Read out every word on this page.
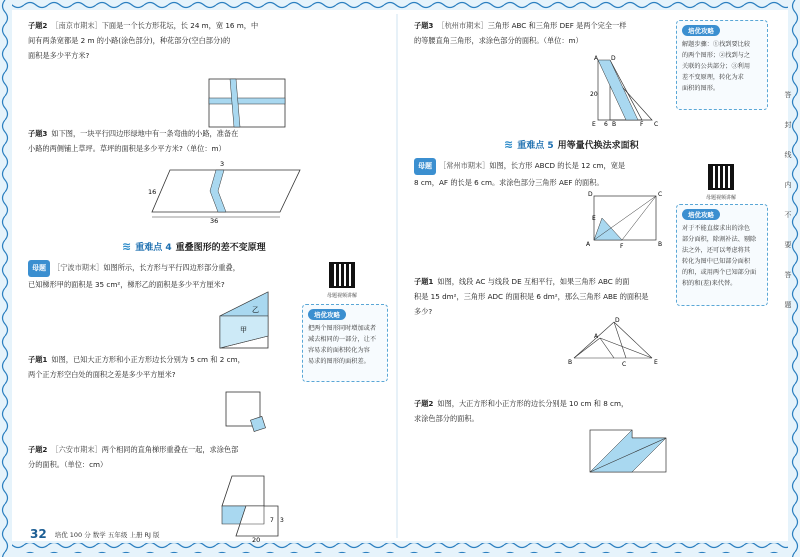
子题2 ［南京市期末］下面是一个长方形花坛，长 24 m，宽 16 m，中
间有两条宽都是 2 m 的小路(涂色部分)，种花部分(空白部分)的
面积是多少平方米?
子题3 如下图，一块平行四边形绿地中有一条弯曲的小路，准备在
小路的两侧铺上草坪。草坪的面积是多少平方米?（单位：m）
3
16
36
≋ 重难点 4 重叠图形的差不变原理
母题 ［宁波市期末］如图所示，长方形与平行四边形部分重叠，
已知梯形甲的面积是 35 cm²，梯形乙的面积是多少平方厘米?
乙
甲
母题视频讲解
培优攻略
把两个图形同时增加或者
减去相同的一部分，让不
容易求的面积转化为容
易求的图形的面积差。
子题1 如图，已知大正方形和小正方形边长分别为 5 cm 和 2 cm，
两个正方形空白处的面积之差是多少平方厘米?
子题2 ［六安市期末］两个相同的直角梯形重叠在一起，求涂色部
分的面积。（单位：cm）
7 3
20
子题3 ［杭州市期末］三角形 ABC 和三角形 DEF 是两个完全一样
的等腰直角三角形，求涂色部分的面积。（单位：m）
A D
20
6
E	B	F C
培优攻略
解题步骤：①找到要比较
的两个图形；②找到与之
关联的公共部分；③利用
差不变原理，转化为求
面积的图形。
≋ 重难点 5 用等量代换法求面积
母题 ［常州市期末］如图，长方形 ABCD 的长是 12 cm，宽是
8 cm，AF 的长是 6 cm。求涂色部分三角形 AEF 的面积。
D	C
A	B
F
E
母题视频讲解
培优攻略
对于不能直接求出的涂色
部分面积，除割补法、剔除
法之外，还可以考虑将其
转化为图中已知部分面积
的和，或用两个已知部分面
积的和(差)来代替。
子题1 如图，线段 AC 与线段 DE 互相平行，如果三角形 ABC 的面
积是 15 dm²，三角形 ADC 的面积是 6 dm²，那么三角形 ABE 的面积是
多少?
D
A
C
B	E
子题2 如图，大正方形和小正方形的边长分别是 10 cm 和 8 cm，
求涂色部分的面积。
答
封
线
内
不
要
答
题
32 培优 100 分 数学 五年级 上册 RJ 版
